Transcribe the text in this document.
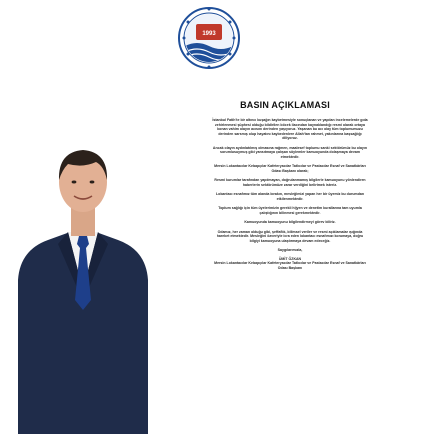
1993
BASIN AÇIKLAMASI

İstanbul Fatih'te bir altıncı kuşağın kaybetmesiyle sonuçlanan ve yapılan incelemelerde gıda zehirlenmesi şüphesi olduğu bildirilen böcek ilacından kaynaklandığı resmi olarak ortaya konan vahim olayın acısını derinden yaşıyoruz. Yaşanan bu acı olay tüm toplumumuzu derinden sarsmış olup hayatını kaybedenlere Allah'tan rahmet, yakınlarına başsağlığı diliyoruz.

Ancak olayın aydınlatılmış olmasına rağmen, maalesef toplumu sanki sektörümüz bu olayın sorumlusuymuş gibi yansıtmaya çalışan söylemler kamuoyunda dolaşmaya devam etmektedir.

Mersin Lokantacılar Kebapçılar Kafeteryacılar Tatlıcılar ve Pastacılar Esnaf ve Sanatkârları Odası Başkanı olarak;

Resmi kurumlar tarafından yapılmayan, doğrulanmamış bilgilerle kamuoyunu yönlendiren haberlerin sektörümüze zarar verdiğini belirtmek isteriz.

Lokantacı esnafımız tüm alanda bırakın, mesleğimizi yapan her bir üyemiz bu durumdan etkilenmektedir.

Toplum sağlığı için tüm üyelerimizin gerekli hijyen ve denetim kurallarına tam uyumla çalıştığının bilinmesi gerekmektedir.

Kamuoyunda kamuoyunu bilgilendirmeyi görev biliriz.

Odamız, her zaman olduğu gibi, şeffaflık, bilimsel veriler ve resmi açıklamalar ışığında hareket etmektedir. Mesleğini özveriyle icra eden lokantacı esnafımızı korumaya, doğru bilgiyi kamuoyuna ulaştırmaya devam edeceğiz.

Saygılarımızla,

ÜMİT ÖZKAN

Mersin Lokantacılar Kebapçılar Kafeteryacılar Tatlıcılar ve Pastacılar Esnaf ve Sanatkârları Odası Başkanı
